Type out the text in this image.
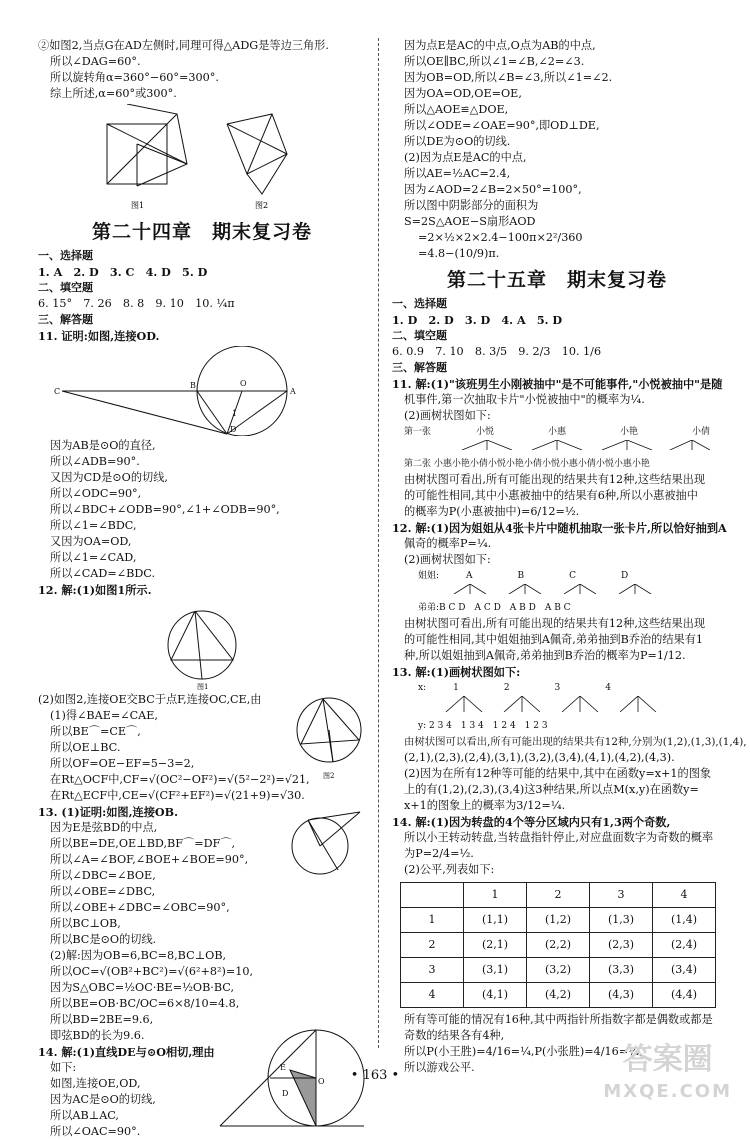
②如图2,当点G在AD左侧时,同理可得△ADG是等边三角形.
所以∠DAG=60°.
所以旋转角α=360°−60°=300°.
综上所述,α=60°或300°.
图1	图2
第二十四章　期末复习卷
一、选择题
1. A　2. D　3. C　4. D　5. D
二、填空题
6. 15°　7. 26　8. 8　9. 10　10. ¼π
三、解答题
11. 证明:如图,连接OD.
C
B	O
A
D
1
因为AB是⊙O的直径,
所以∠ADB=90°.
又因为CD是⊙O的切线,
所以∠ODC=90°,
所以∠BDC+∠ODB=90°,∠1+∠ODB=90°,
所以∠1=∠BDC,
又因为OA=OD,
所以∠1=∠CAD,
所以∠CAD=∠BDC.
12. 解:(1)如图1所示.
图1
(2)如图2,连接OE交BC于点F,连接OC,CE,由
(1)得∠BAE=∠CAE,
所以BE⌒=CE⌒,
所以OE⊥BC.
所以OF=OE−EF=5−3=2,
在Rt△OCF中,CF=√(OC²−OF²)=√(5²−2²)=√21,
在Rt△ECF中,CE=√(CF²+EF²)=√(21+9)=√30.
图2
13. (1)证明:如图,连接OB.
因为E是弦BD的中点,
所以BE=DE,OE⊥BD,BF⌒=DF⌒,
所以∠A=∠BOF,∠BOE+∠BOE=90°,
所以∠DBC=∠BOE,
所以∠OBE=∠DBC,
所以∠OBE+∠DBC=∠OBC=90°,
所以BC⊥OB,
所以BC是⊙O的切线.
(2)解:因为OB=6,BC=8,BC⊥OB,
所以OC=√(OB²+BC²)=√(6²+8²)=10,
因为S△OBC=½OC·BE=½OB·BC,
所以BE=OB·BC/OC=6×8/10=4.8,
所以BD=2BE=9.6,
即弦BD的长为9.6.
14. 解:(1)直线DE与⊙O相切,理由
如下:
如图,连接OE,OD,
因为AC是⊙O的切线,
所以AB⊥AC,
所以∠OAC=90°.
E
D
O
因为点E是AC的中点,O点为AB的中点,
所以OE∥BC,所以∠1=∠B,∠2=∠3.
因为OB=OD,所以∠B=∠3,所以∠1=∠2.
因为OA=OD,OE=OE,
所以△AOE≌△DOE,
所以∠ODE=∠OAE=90°,即OD⊥DE,
所以DE为⊙O的切线.
(2)因为点E是AC的中点,
所以AE=½AC=2.4,
因为∠AOD=2∠B=2×50°=100°,
所以图中阴影部分的面积为
S=2S△AOE−S扇形AOD
=2×½×2×2.4−100π×2²/360
=4.8−(10/9)π.
第二十五章　期末复习卷
一、选择题
1. D　2. D　3. D　4. A　5. D
二、填空题
6. 0.9　7. 10　8. 3/5　9. 2/3　10. 1/6
三、解答题
11. 解:(1)"该班男生小刚被抽中"是不可能事件,"小悦被抽中"是随
机事件,第一次抽取卡片"小悦被抽中"的概率为¼.
(2)画树状图如下:
第一张　　　　　小悦　　　　　　小惠　　　　　　小艳　　　　　　小倩
第二张 小惠小艳小倩小悦小艳小倩小悦小惠小倩小悦小惠小艳
由树状图可看出,所有可能出现的结果共有12种,这些结果出现
的可能性相同,其中小惠被抽中的结果有6种,所以小惠被抽中
的概率为P(小惠被抽中)=6/12=½.
12. 解:(1)因为姐姐从4张卡片中随机抽取一张卡片,所以恰好抽到A
佩奇的概率P=¼.
(2)画树状图如下:
姐姐:　　　A　　　　　B　　　　　C　　　　　D
弟弟:B C D　A C D　A B D　A B C
由树状图可看出,所有可能出现的结果共有12种,这些结果出现
的可能性相同,其中姐姐抽到A佩奇,弟弟抽到B乔治的结果有1
种,所以姐姐抽到A佩奇,弟弟抽到B乔治的概率为P=1/12.
13. 解:(1)画树状图如下:
x:　　　1　　　　　2　　　　　3　　　　　4
y: 2 3 4　1 3 4　1 2 4　1 2 3
由树状图可以看出,所有可能出现的结果共有12种,分别为(1,2),(1,3),(1,4),
(2,1),(2,3),(2,4),(3,1),(3,2),(3,4),(4,1),(4,2),(4,3).
(2)因为在所有12种等可能的结果中,其中在函数y=x+1的图象
上的有(1,2),(2,3),(3,4)这3种结果,所以点M(x,y)在函数y=
x+1的图象上的概率为3/12=¼.
14. 解:(1)因为转盘的4个等分区域内只有1,3两个奇数,
所以小王转动转盘,当转盘指针停止,对应盘面数字为奇数的概率
为P=2/4=½.
(2)公平,列表如下:
	1	2	3	4
1	(1,1)	(1,2)	(1,3)	(1,4)
2	(2,1)	(2,2)	(2,3)	(2,4)
3	(3,1)	(3,2)	(3,3)	(3,4)
4	(4,1)	(4,2)	(4,3)	(4,4)
所有等可能的情况有16种,其中两指针所指数字都是偶数或都是
奇数的结果各有4种,
所以P(小王胜)=4/16=¼,P(小张胜)=4/16=¼,
所以游戏公平.
• 163 •	答案圈
MXQE.COM
